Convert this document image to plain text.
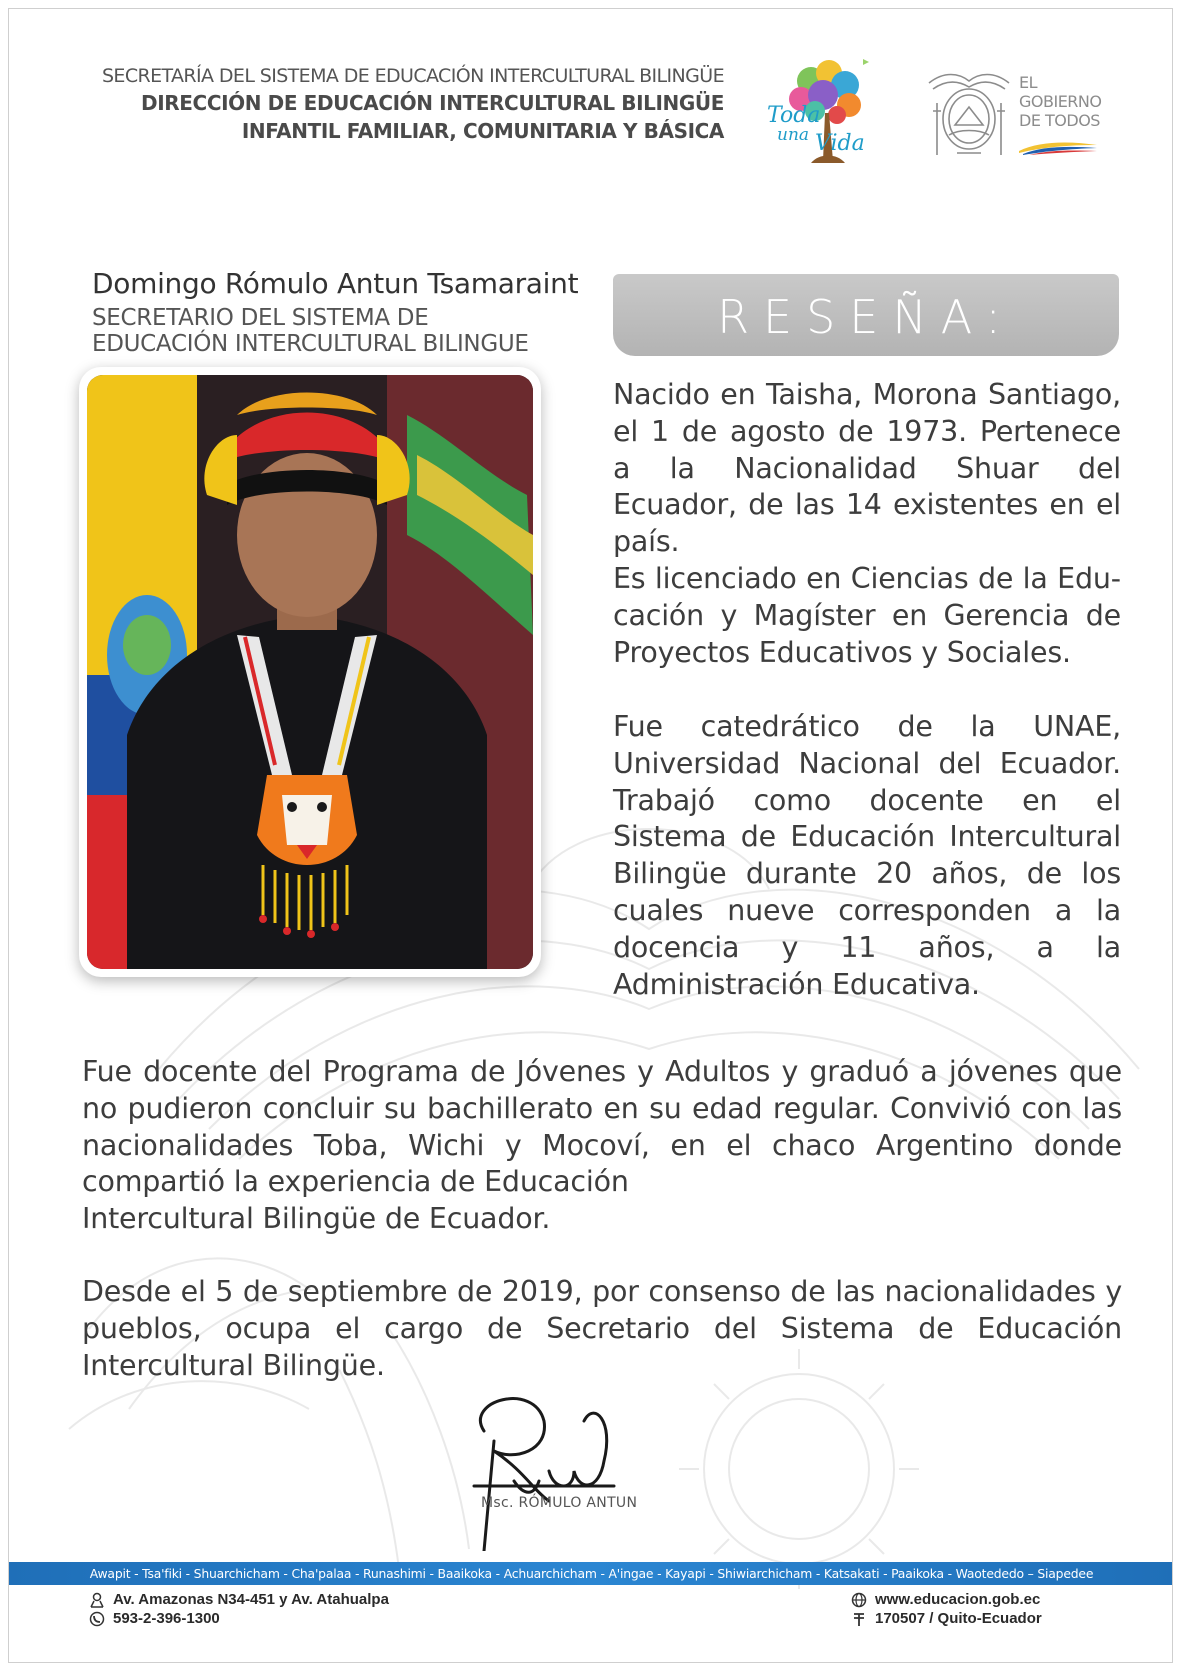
SECRETARÍA DEL SISTEMA DE EDUCACIÓN INTERCULTURAL BILINGÜE
DIRECCIÓN DE EDUCACIÓN INTERCULTURAL BILINGÜE
INFANTIL FAMILIAR, COMUNITARIA Y BÁSICA
Toda
una Vida
EL
GOBIERNO
DE TODOS
Domingo Rómulo Antun Tsamaraint
SECRETARIO DEL SISTEMA DE
EDUCACIÓN INTERCULTURAL BILINGUE	RESEÑA:
Nacido en Taisha, Morona Santiago, el 1 de agosto de 1973. Pertenece a la Nacionalidad Shuar del Ecuador, de las 14 existentes en el país.
Es licenciado en Ciencias de la Educación y Magíster en Gerencia de Proyectos Educativos y Sociales.
Fue catedrático de la UNAE, Universidad Nacional del Ecuador. Trabajó como docente en el Sistema de Educación Intercultural Bilingüe durante 20 años, de los cuales nueve corresponden a la docencia y 11 años, a la Administración Educativa.
Fue docente del Programa de Jóvenes y Adultos y graduó a jóvenes que no pudieron concluir su bachillerato en su edad regular. Convivió con las nacionalidades Toba, Wichi y Mocoví, en el chaco Argentino donde compartió la experiencia de Educación
Intercultural Bilingüe de Ecuador.
Desde el 5 de septiembre de 2019, por consenso de las nacionalidades y pueblos, ocupa el cargo de Secretario del Sistema de Educación Intercultural Bilingüe.
Msc. RÓMULO ANTUN
Awapit - Tsa'fiki - Shuarchicham - Cha'palaa - Runashimi - Baaikoka - Achuarchicham - A'ingae - Kayapi - Shiwiarchicham - Katsakati - Paaikoka - Waotededo – Siapedee
Av. Amazonas N34-451 y Av. Atahualpa
593-2-396-1300
www.educacion.gob.ec
170507 / Quito-Ecuador
